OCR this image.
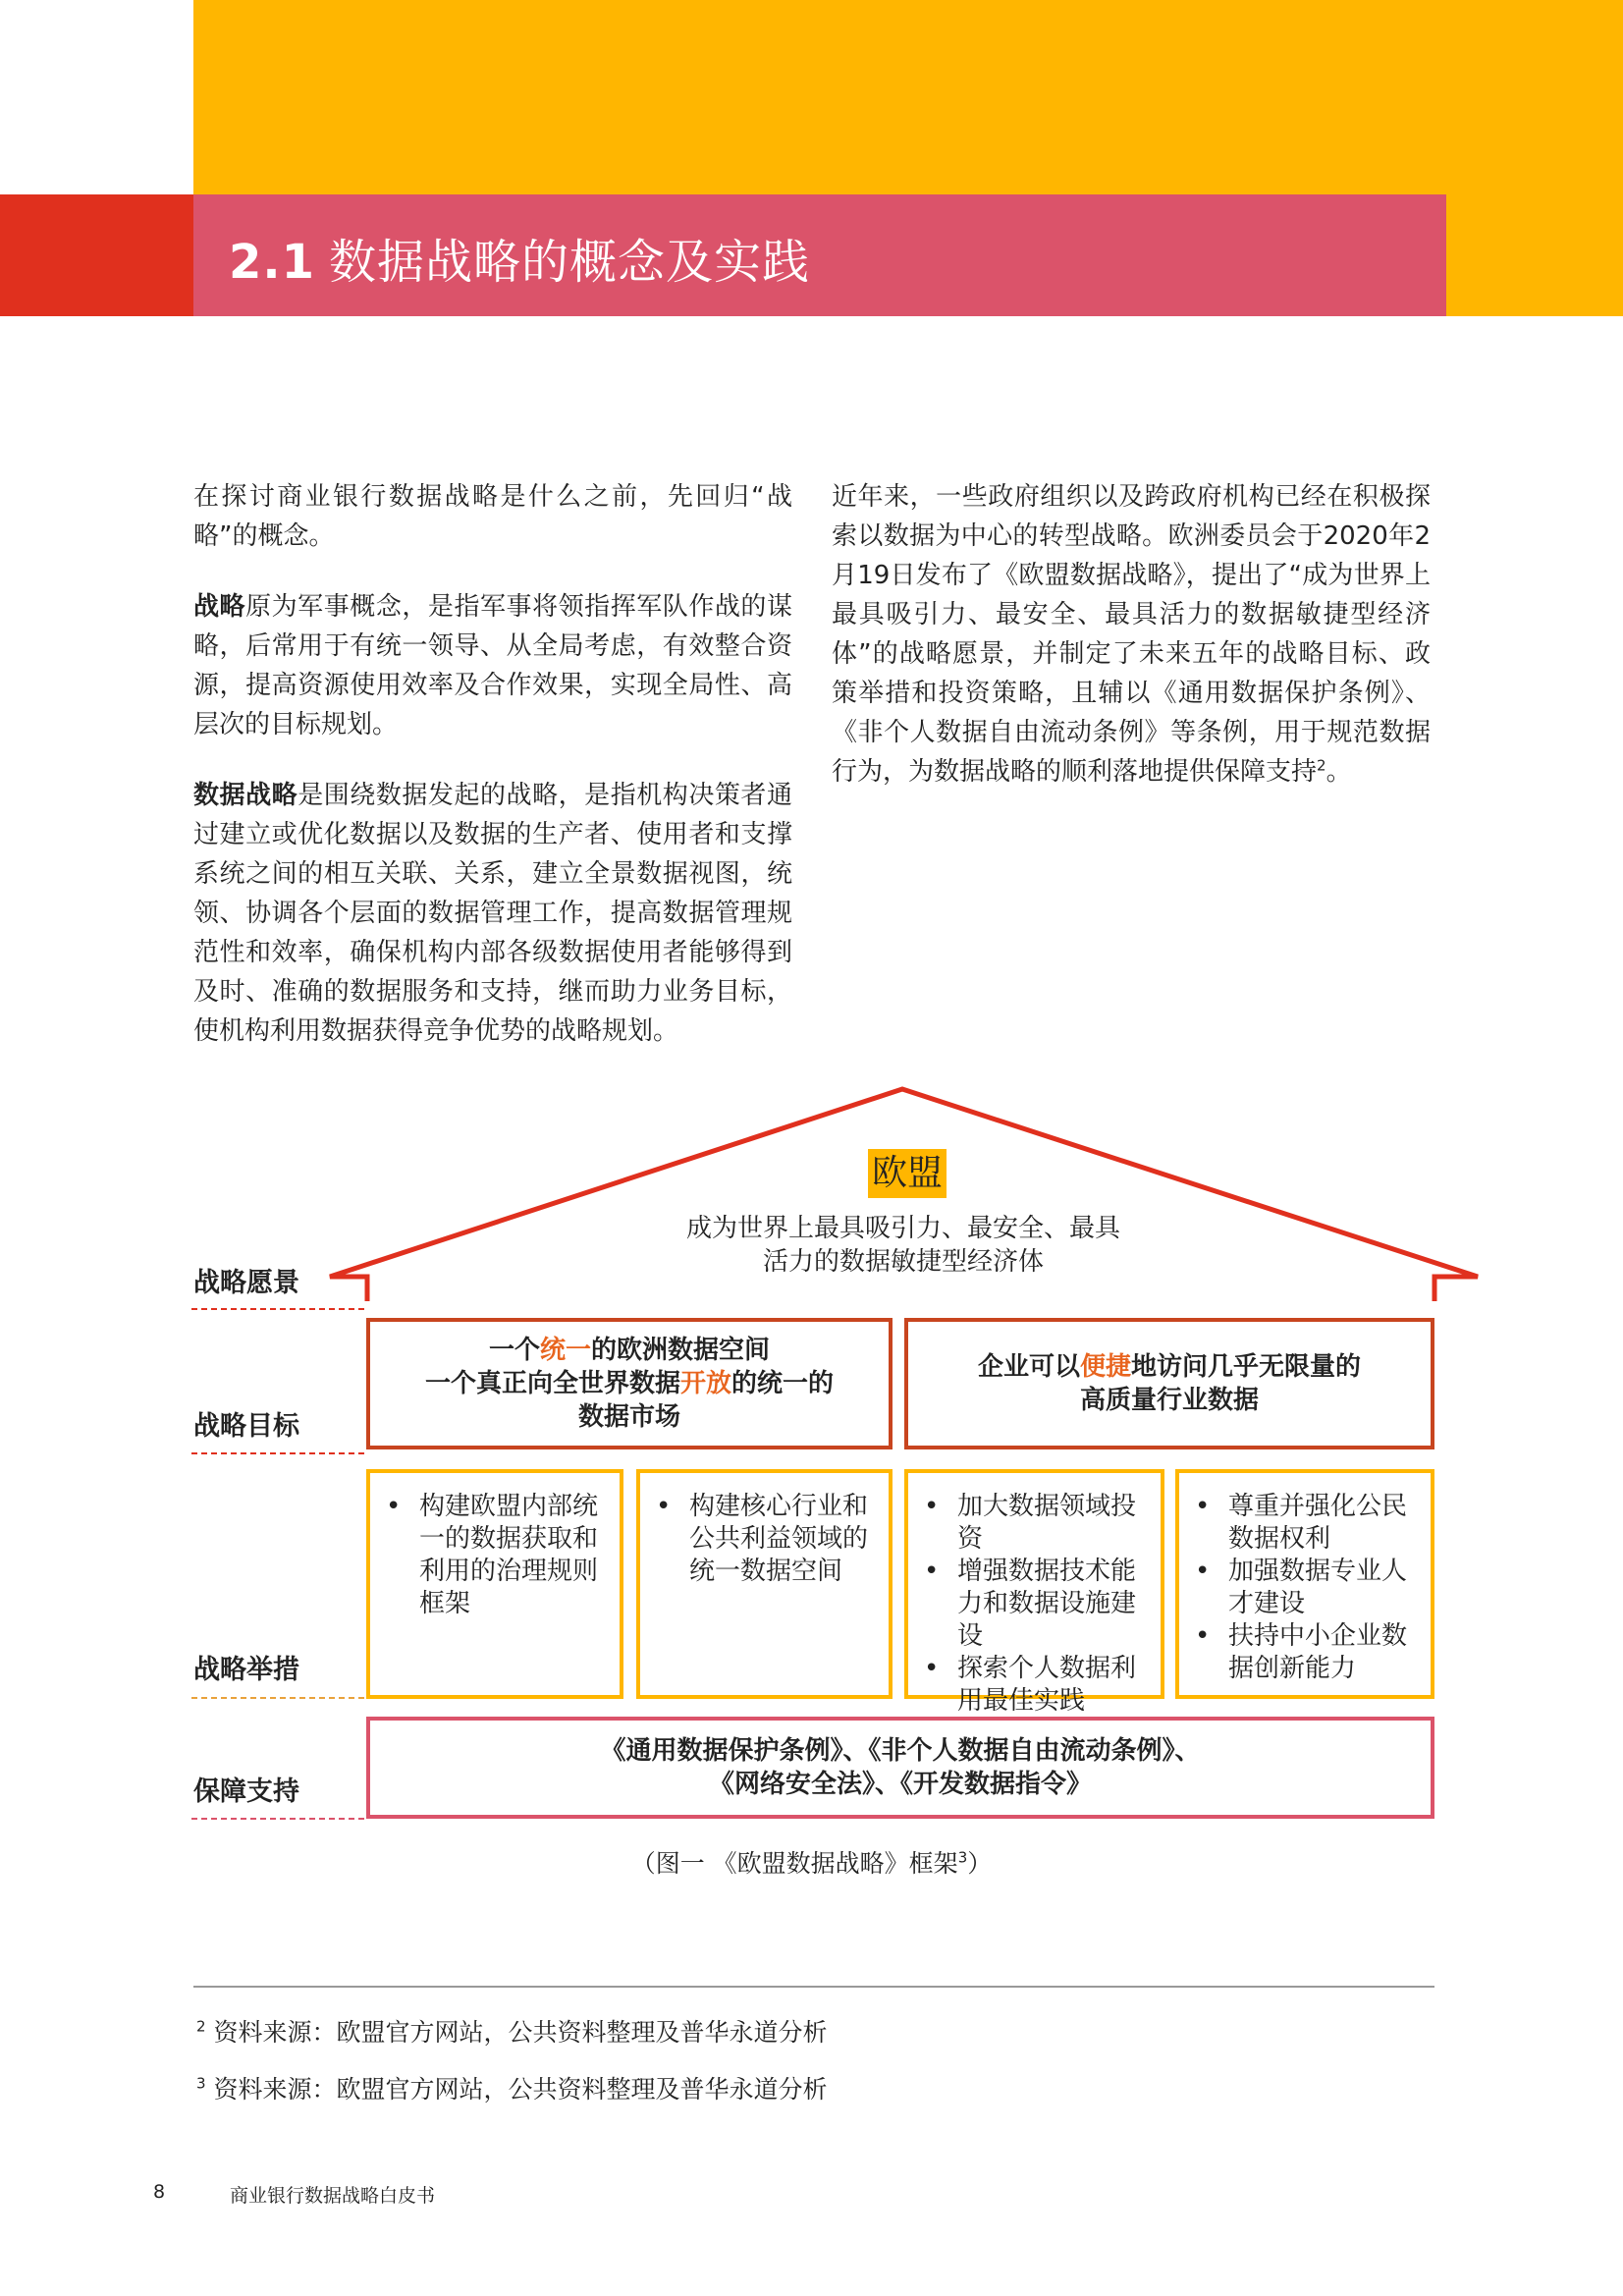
2.1 数据战略的概念及实践

在探讨商业银行数据战略是什么之前，先回归“战略”的概念。

战略原为军事概念，是指军事将领指挥军队作战的谋略，后常用于有统一领导、从全局考虑，有效整合资源，提高资源使用效率及合作效果，实现全局性、高层次的目标规划。

数据战略是围绕数据发起的战略，是指机构决策者通过建立或优化数据以及数据的生产者、使用者和支撑系统之间的相互关联、关系，建立全景数据视图，统领、协调各个层面的数据管理工作，提高数据管理规范性和效率，确保机构内部各级数据使用者能够得到及时、准确的数据服务和支持，继而助力业务目标，使机构利用数据获得竞争优势的战略规划。

近年来，一些政府组织以及跨政府机构已经在积极探索以数据为中心的转型战略。欧洲委员会于2020年2月19日发布了《欧盟数据战略》，提出了“成为世界上最具吸引力、最安全、最具活力的数据敏捷型经济体”的战略愿景，并制定了未来五年的战略目标、政策举措和投资策略，且辅以《通用数据保护条例》、《非个人数据自由流动条例》等条例，用于规范数据行为，为数据战略的顺利落地提供保障支持$^2$。

欧盟
成为世界上最具吸引力、最安全、最具
活力的数据敏捷型经济体
战略愿景
战略目标
战略举措
保障支持
一个统一的欧洲数据空间
一个真正向全世界数据开放的统一的
数据市场
企业可以便捷地访问几乎无限量的
高质量行业数据
• 构建欧盟内部统一的数据获取和利用的治理规则框架
• 构建核心行业和公共利益领域的统一数据空间
• 加大数据领域投资
• 增强数据技术能力和数据设施建设
• 探索个人数据利用最佳实践
• 尊重并强化公民数据权利
• 加强数据专业人才建设
• 扶持中小企业数据创新能力
《通用数据保护条例》、《非个人数据自由流动条例》、
《网络安全法》、《开发数据指令》
（图一 《欧盟数据战略》框架$^3$）
$^2$ 资料来源：欧盟官方网站，公共资料整理及普华永道分析
$^3$ 资料来源：欧盟官方网站，公共资料整理及普华永道分析
8	商业银行数据战略白皮书
